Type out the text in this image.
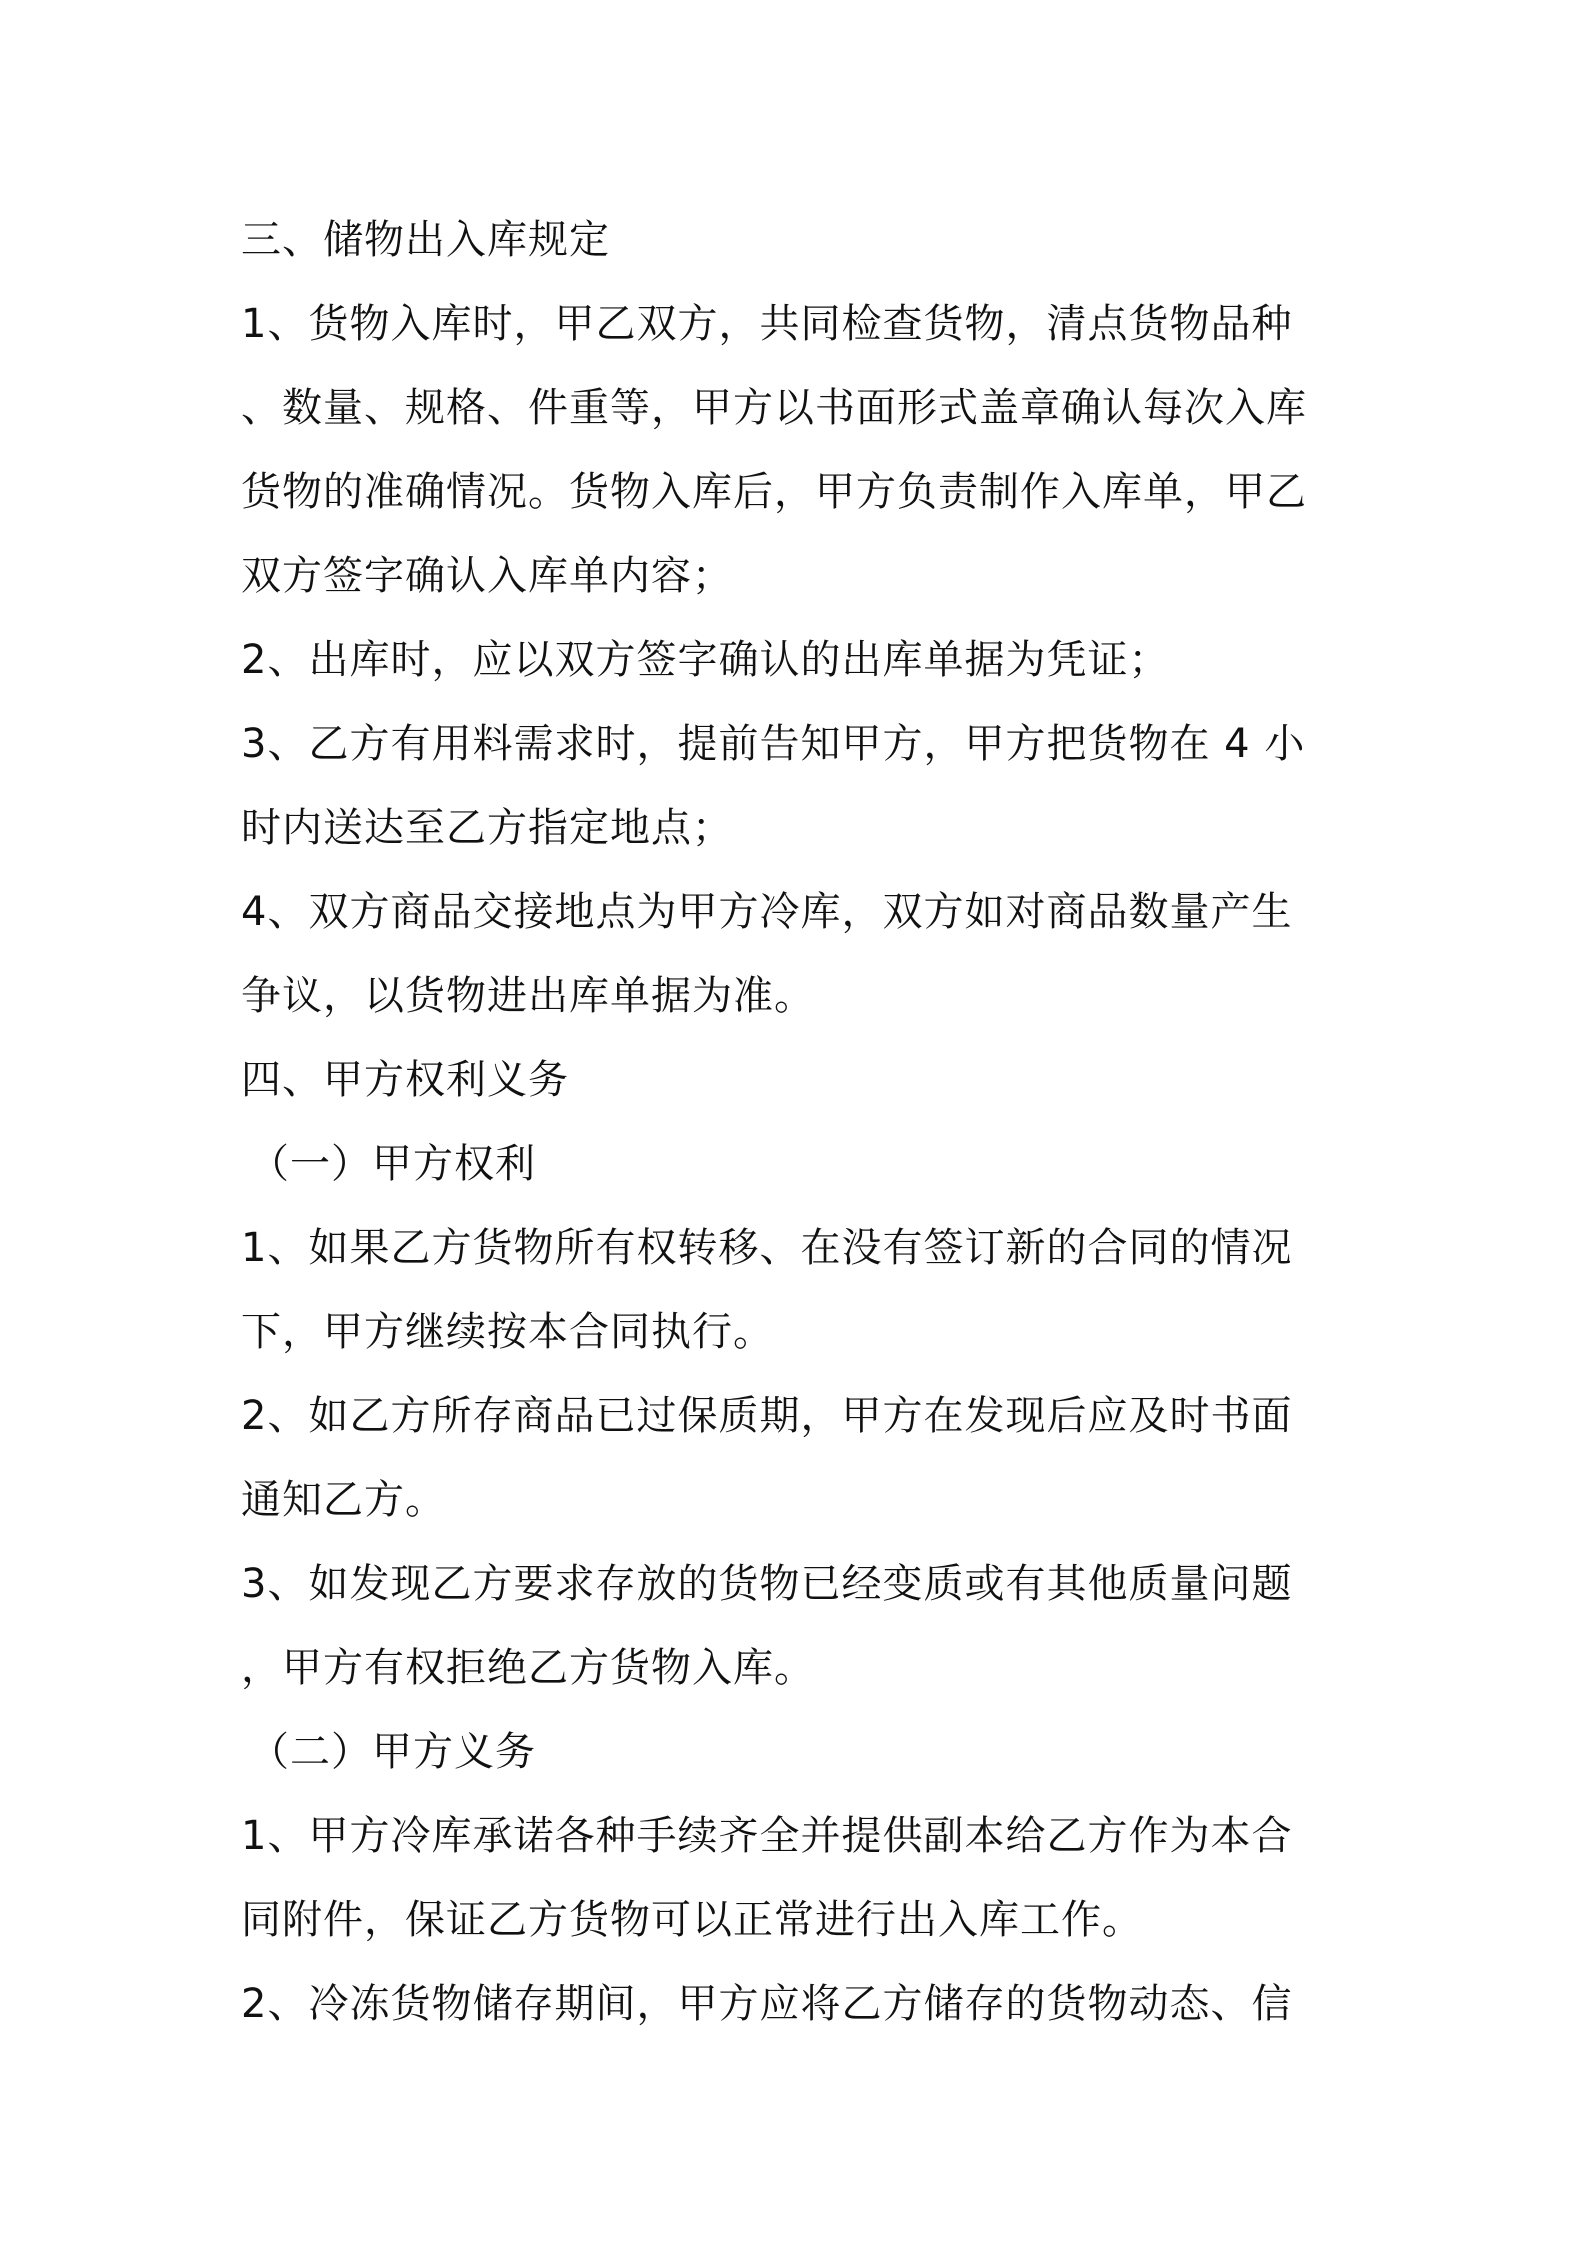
三、储物出入库规定
1、货物入库时，甲乙双方，共同检查货物，清点货物品种
、数量、规格、件重等，甲方以书面形式盖章确认每次入库
货物的准确情况。货物入库后，甲方负责制作入库单，甲乙
双方签字确认入库单内容；
2、出库时，应以双方签字确认的出库单据为凭证；
3、乙方有用料需求时，提前告知甲方，甲方把货物在 4 小
时内送达至乙方指定地点；
4、双方商品交接地点为甲方冷库，双方如对商品数量产生
争议，以货物进出库单据为准。
四、甲方权利义务
（一）甲方权利
1、如果乙方货物所有权转移、在没有签订新的合同的情况
下，甲方继续按本合同执行。
2、如乙方所存商品已过保质期，甲方在发现后应及时书面
通知乙方。
3、如发现乙方要求存放的货物已经变质或有其他质量问题
，甲方有权拒绝乙方货物入库。
（二）甲方义务
1、甲方冷库承诺各种手续齐全并提供副本给乙方作为本合
同附件，保证乙方货物可以正常进行出入库工作。
2、冷冻货物储存期间，甲方应将乙方储存的货物动态、信
